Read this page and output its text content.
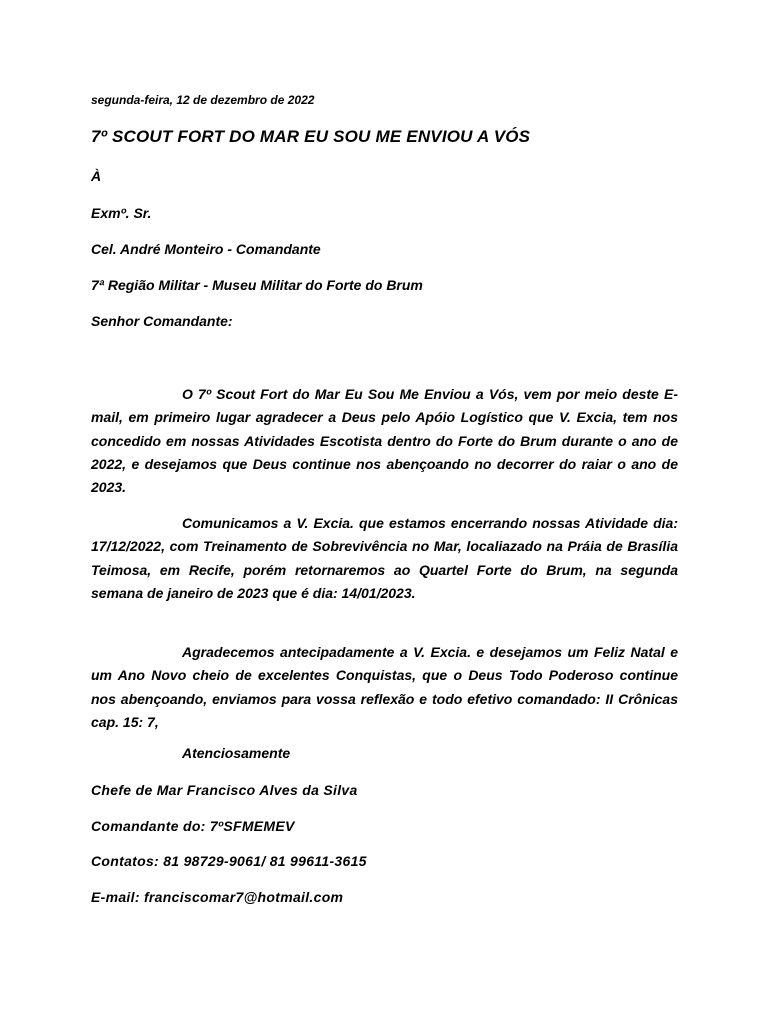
segunda-feira, 12 de dezembro de 2022

7º SCOUT FORT DO MAR EU SOU ME ENVIOU A VÓS

À

Exmº. Sr.

Cel. André Monteiro - Comandante

7ª Região Militar - Museu Militar do Forte do Brum

Senhor Comandante:

O 7º Scout Fort do Mar Eu Sou Me Enviou a Vós, vem por meio deste E-mail, em primeiro lugar agradecer a Deus pelo Apóio Logístico que V. Excia, tem nos concedido em nossas Atividades Escotista dentro do Forte do Brum durante o ano de 2022, e desejamos que Deus continue nos abençoando no decorrer do raiar o ano de 2023.

Comunicamos a V. Excia. que estamos encerrando nossas Atividade dia: 17/12/2022, com Treinamento de Sobrevivência no Mar, localiazado na Práia de Brasília Teimosa, em Recife, porém retornaremos ao Quartel Forte do Brum, na segunda semana de janeiro de 2023 que é dia: 14/01/2023.

Agradecemos antecipadamente a V. Excia. e desejamos um Feliz Natal e um Ano Novo cheio de excelentes Conquistas, que o Deus Todo Poderoso continue nos abençoando, enviamos para vossa reflexão e todo efetivo comandado: II Crônicas cap. 15: 7,

Atenciosamente

Chefe de Mar Francisco Alves da Silva

Comandante do: 7ºSFMEMEV

Contatos: 81 98729-9061/ 81 99611-3615

E-mail: franciscomar7@hotmail.com
